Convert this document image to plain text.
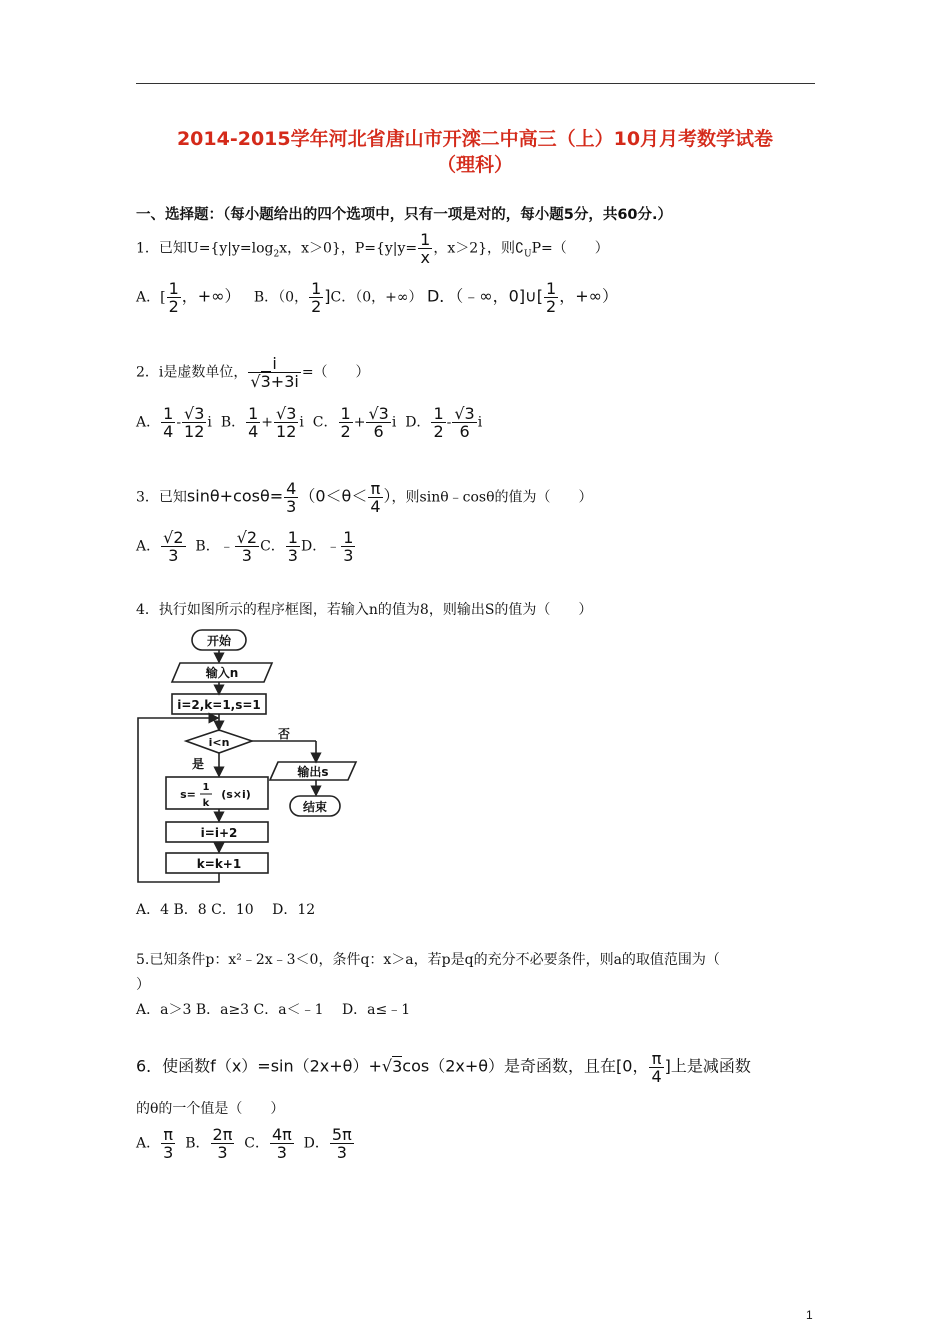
2014-2015学年河北省唐山市开滦二中高三（上）10月月考数学试卷
（理科）
一、选择题：（每小题给出的四个选项中，只有一项是对的，每小题5分，共60分.）
1．已知$U=\{y|y=\log_2x$，x＞0}，$P=\{y|y= \frac{1}{x}$ ，x＞2}，则$∁_UP=$（　　）
A．[ $\frac{1}{2}$ ，+∞） B．（0， $\frac{1}{2} ]C$．（0，+∞） D．（﹣∞，0]∪[ $\frac{1}{2}$ ，+∞）
2．i是虚数单位， $\frac{i}{√3+3i}$ =（　　）
A． $\frac{1}{4} - \frac{√3}{12}$ i B． $\frac{1}{4} + \frac{√3}{12}$ i C． $\frac{1}{2} + \frac{√3}{6}$ i D． $\frac{1}{2} - \frac{√3}{6}$ i
3．已知$\sin\theta+\cos\theta= \frac{4}{3} (0<\theta< \frac{\pi}{4}$ ），则sinθ﹣cosθ的值为（　　）
A． $\frac{√2}{3}$ B．﹣ $\frac{√2}{3}$ C． $\frac{1}{3}$ D．﹣ $\frac{1}{3}$
4．执行如图所示的程序框图，若输入n的值为8，则输出S的值为（　　）
开始
输入n
i=2,k=1,s=1
i<n
是
否
输出s
结束
s=
1
k
(s×i)
i=i+2
k=k+1
A．4 B．8 C．10　 D．12
5.已知条件p：x²﹣2x﹣3＜0，条件q：x＞a，若p是q的充分不必要条件，则a的取值范围为（
）
A．a＞3 B．a≥3 C．a＜﹣1　 D．a≤﹣1
6．使函数f（x）=sin（2x+θ）+√3cos（2x+θ）是奇函数，且在[0， $\frac{\pi}{4}$ ]上是减函数
的θ的一个值是（　　）
A． $\frac{\pi}{3}$ B． $\frac{2\pi}{3}$ C． $\frac{4\pi}{3}$ D． $\frac{5\pi}{3}$
1
